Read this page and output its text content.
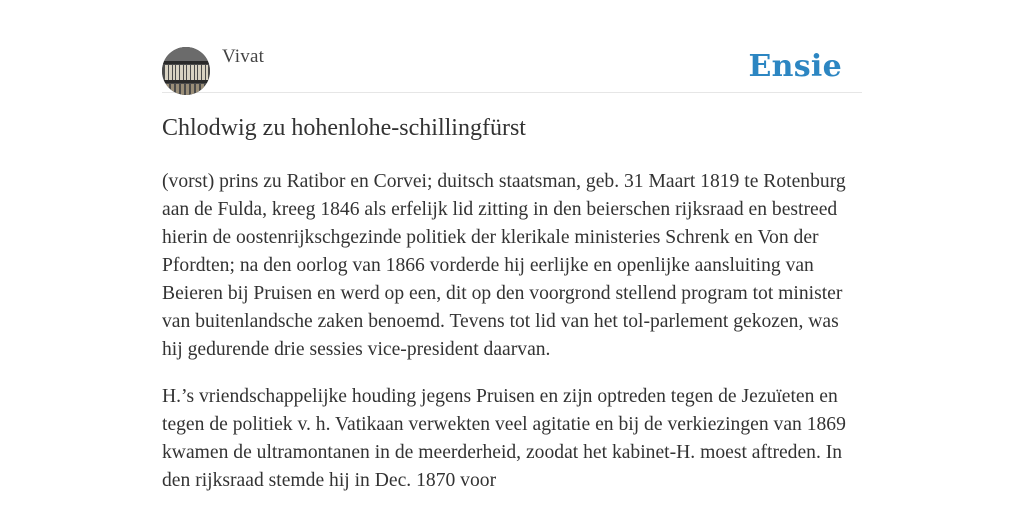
Vivat	Ensie
Chlodwig zu hohenlohe-schillingfürst

(vorst) prins zu Ratibor en Corvei; duitsch staatsman, geb. 31 Maart 1819 te Rotenburg aan de Fulda, kreeg 1846 als erfelijk lid zitting in den beierschen rijksraad en bestreed hierin de oostenrijkschgezinde politiek der klerikale ministeries Schrenk en Von der Pfordten; na den oorlog van 1866 vorderde hij eerlijke en openlijke aansluiting van Beieren bij Pruisen en werd op een, dit op den voorgrond stellend program tot minister van buitenlandsche zaken benoemd. Tevens tot lid van het tol-parlement gekozen, was hij gedurende drie sessies vice-president daarvan.

H.’s vriendschappelijke houding jegens Pruisen en zijn optreden tegen de Jezuïeten en tegen de politiek v. h. Vatikaan verwekten veel agitatie en bij de verkiezingen van 1869 kwamen de ultramontanen in de meerderheid, zoodat het kabinet-H. moest aftreden. In den rijksraad stemde hij in Dec. 1870 voor
